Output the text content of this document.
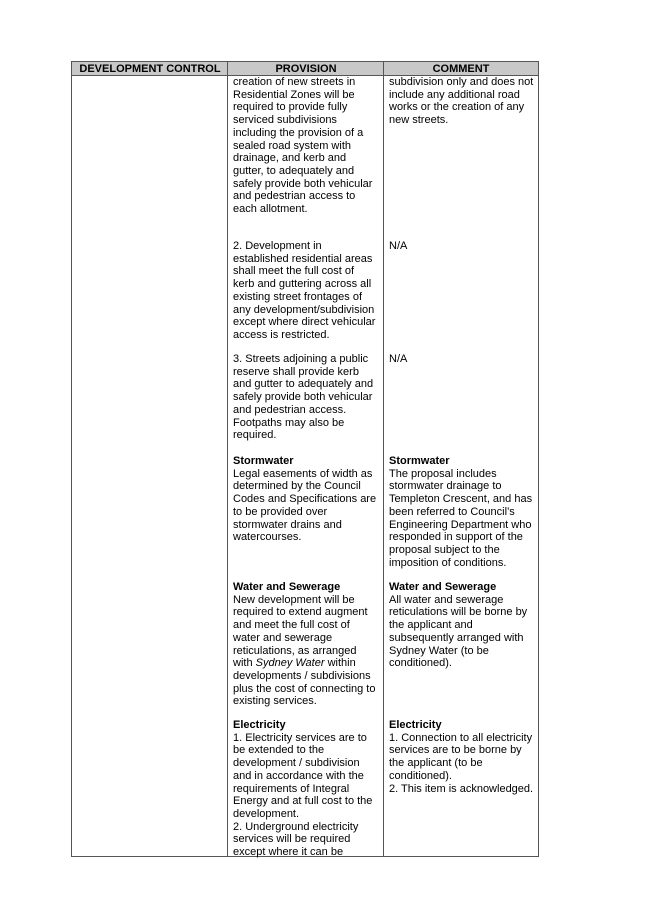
DEVELOPMENT CONTROL	PROVISION	COMMENT
creation of new streets in
Residential Zones will be
required to provide fully
serviced subdivisions
including the provision of a
sealed road system with
drainage, and kerb and
gutter, to adequately and
safely provide both vehicular
and pedestrian access to
each allotment.
2. Development in
established residential areas
shall meet the full cost of
kerb and guttering across all
existing street frontages of
any development/subdivision
except where direct vehicular
access is restricted.
3. Streets adjoining a public
reserve shall provide kerb
and gutter to adequately and
safely provide both vehicular
and pedestrian access.
Footpaths may also be
required.
Stormwater
Legal easements of width as
determined by the Council
Codes and Specifications are
to be provided over
stormwater drains and
watercourses.
Water and Sewerage
New development will be
required to extend augment
and meet the full cost of
water and sewerage
reticulations, as arranged
with Sydney Water within
developments / subdivisions
plus the cost of connecting to
existing services.
Electricity
1. Electricity services are to
be extended to the
development / subdivision
and in accordance with the
requirements of Integral
Energy and at full cost to the
development.
2. Underground electricity
services will be required
except where it can be
subdivision only and does not
include any additional road
works or the creation of any
new streets.
N/A
N/A
Stormwater
The proposal includes
stormwater drainage to
Templeton Crescent, and has
been referred to Council’s
Engineering Department who
responded in support of the
proposal subject to the
imposition of conditions.
Water and Sewerage
All water and sewerage
reticulations will be borne by
the applicant and
subsequently arranged with
Sydney Water (to be
conditioned).
Electricity
1. Connection to all electricity
services are to be borne by
the applicant (to be
conditioned).
2. This item is acknowledged.
